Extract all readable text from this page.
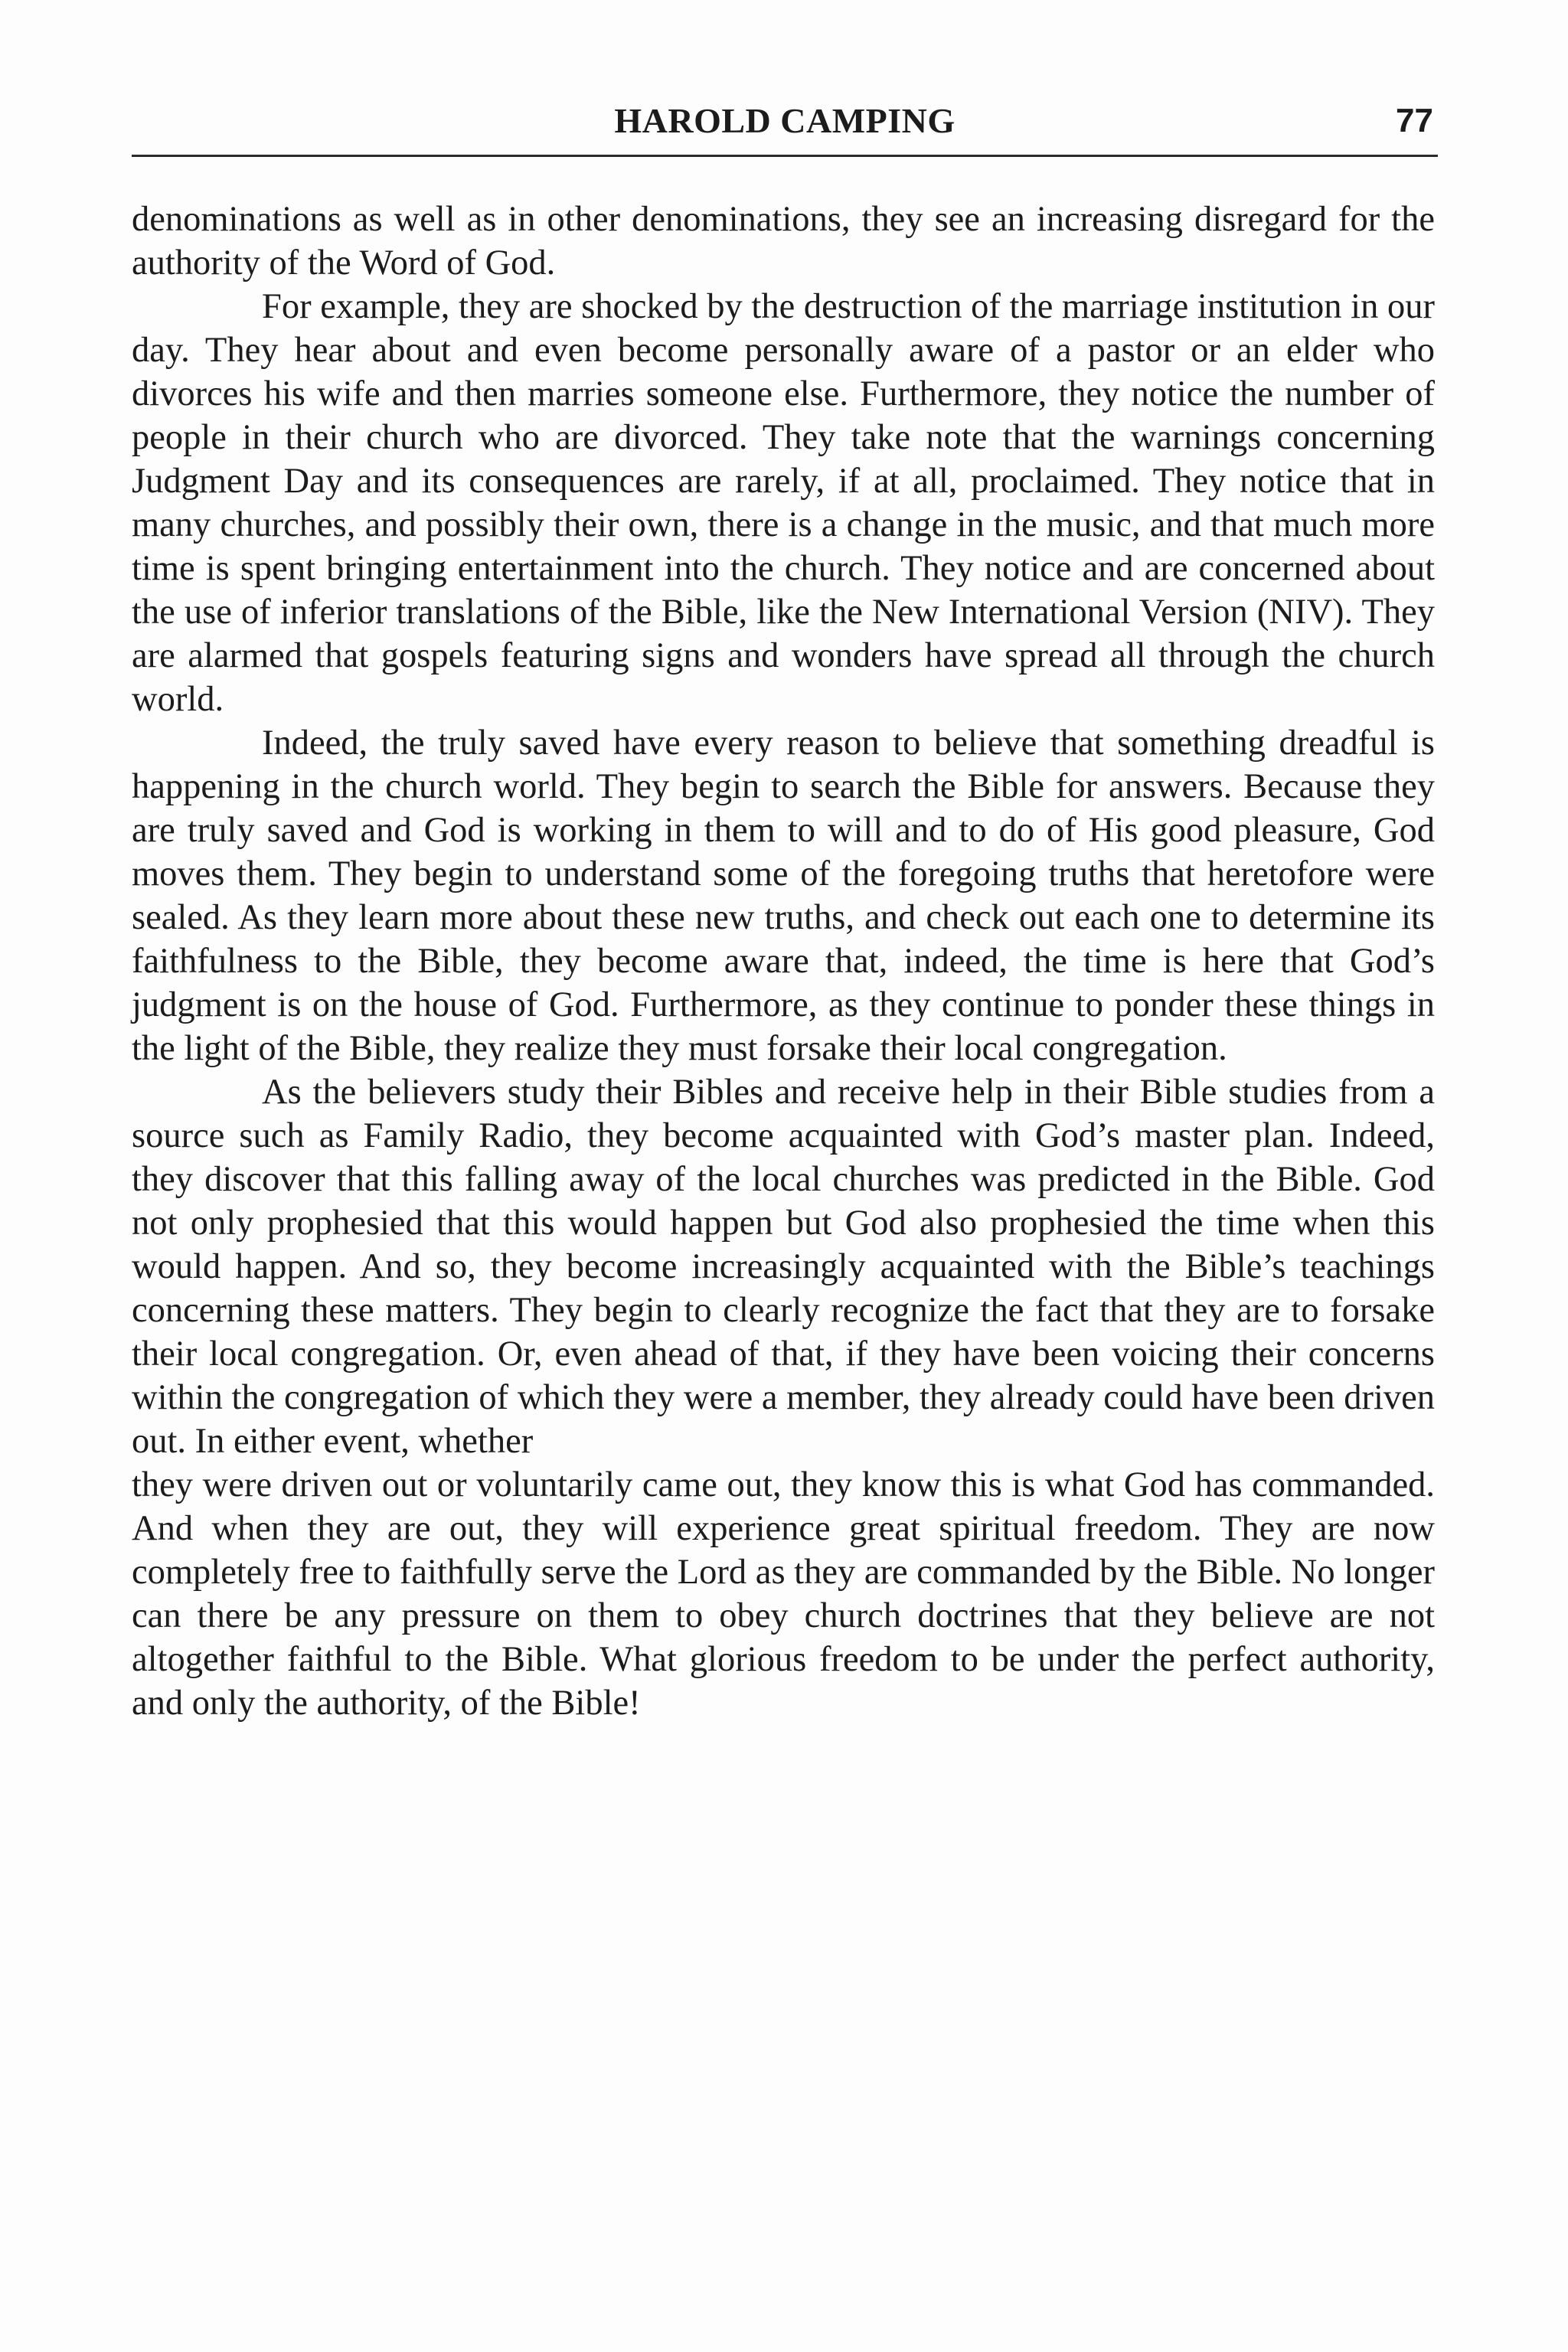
HAROLD CAMPING	77

denominations as well as in other denominations, they see an increasing disregard for the authority of the Word of God.

For example, they are shocked by the destruction of the marriage institution in our day. They hear about and even become personally aware of a pastor or an elder who divorces his wife and then marries someone else. Furthermore, they notice the number of people in their church who are divorced. They take note that the warnings concerning Judgment Day and its consequences are rarely, if at all, proclaimed. They notice that in many churches, and possibly their own, there is a change in the music, and that much more time is spent bringing entertainment into the church. They notice and are concerned about the use of inferior translations of the Bible, like the New International Version (NIV). They are alarmed that gospels featuring signs and wonders have spread all through the church world.

Indeed, the truly saved have every reason to believe that something dreadful is happening in the church world. They begin to search the Bible for answers. Because they are truly saved and God is working in them to will and to do of His good pleasure, God moves them. They begin to understand some of the foregoing truths that heretofore were sealed. As they learn more about these new truths, and check out each one to determine its faithfulness to the Bible, they become aware that, indeed, the time is here that God’s judgment is on the house of God. Furthermore, as they continue to ponder these things in the light of the Bible, they realize they must forsake their local congregation.

As the believers study their Bibles and receive help in their Bible studies from a source such as Family Radio, they become acquainted with God’s master plan. Indeed, they discover that this falling away of the local churches was predicted in the Bible. God not only prophesied that this would happen but God also prophesied the time when this would happen. And so, they become increasingly acquainted with the Bible’s teachings concerning these matters. They begin to clearly recognize the fact that they are to forsake their local congregation. Or, even ahead of that, if they have been voicing their concerns within the congregation of which they were a member, they already could have been driven out. In either event, whether

they were driven out or voluntarily came out, they know this is what God has commanded. And when they are out, they will experience great spiritual freedom. They are now completely free to faithfully serve the Lord as they are commanded by the Bible. No longer can there be any pressure on them to obey church doctrines that they believe are not altogether faithful to the Bible. What glorious freedom to be under the perfect authority, and only the authority, of the Bible!
